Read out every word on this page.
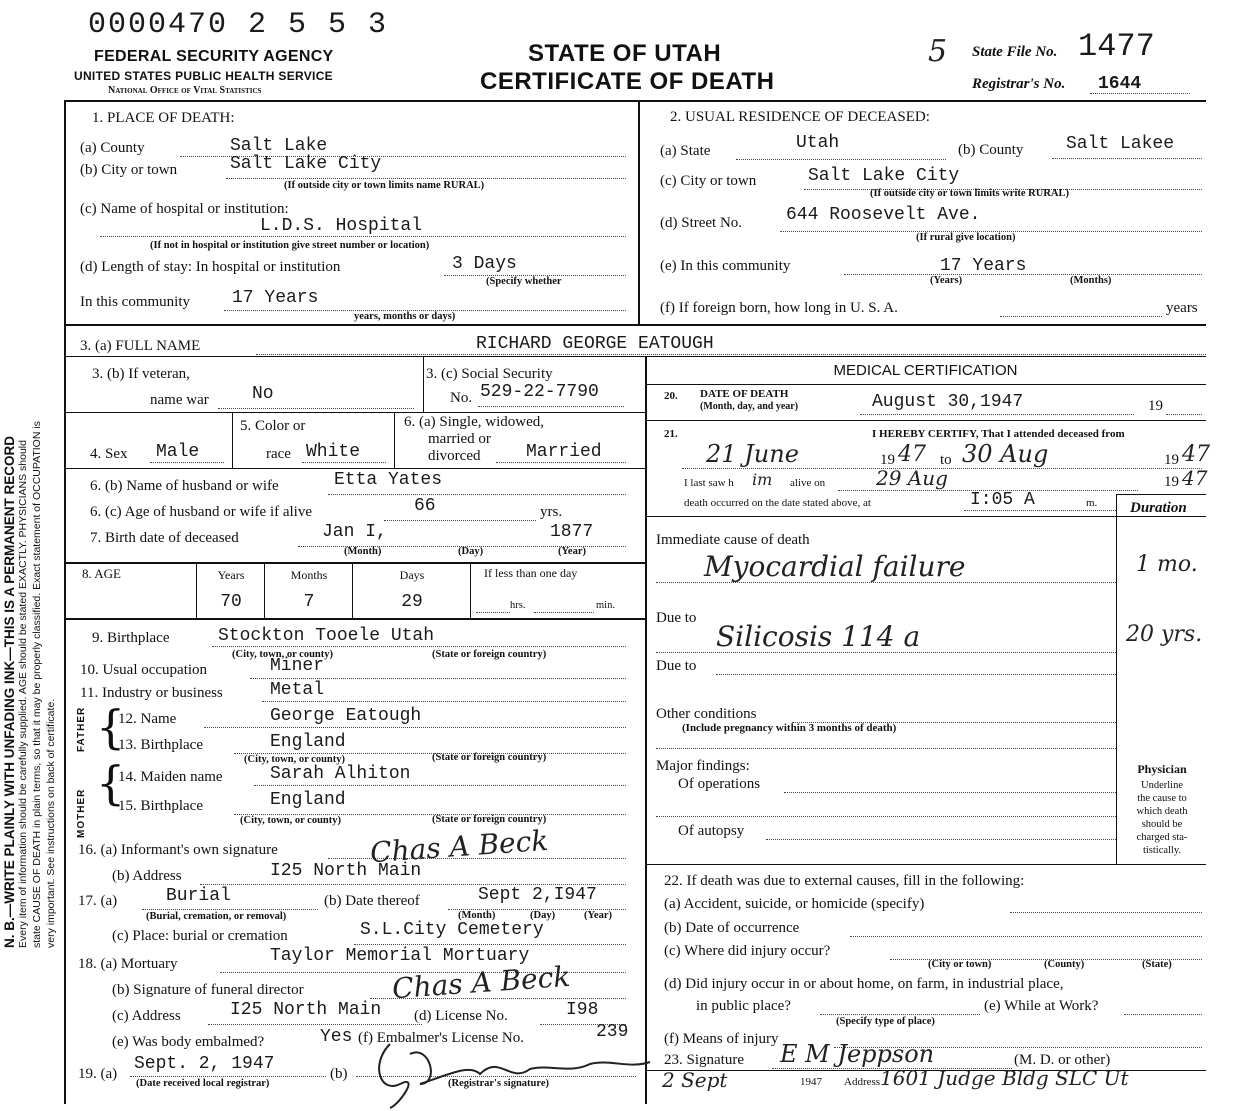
0000470 2 5 5 3
FEDERAL SECURITY AGENCY
UNITED STATES PUBLIC HEALTH SERVICE
National Office of Vital Statistics
STATE OF UTAH
CERTIFICATE OF DEATH
5 State File No. 1477
Registrar's No. 1644
N. B.—WRITE PLAINLY WITH UNFADING INK—THIS IS A PERMANENT RECORD Every item of information should be carefully supplied. AGE should be stated EXACTLY. PHYSICIANS should state CAUSE OF DEATH in plain terms, so that it may be properly classified. Exact statement of OCCUPATION is very important. See instructions on back of certificate.
1. PLACE OF DEATH:
(a) County	Salt Lake
(b) City or town	Salt Lake City
(If outside city or town limits name RURAL)
(c) Name of hospital or institution:
L.D.S. Hospital
(If not in hospital or institution give street number or location)
(d) Length of stay: In hospital or institution	3 Days
(Specify whether
In this community 17 Years
years, months or days)
2. USUAL RESIDENCE OF DECEASED:
(a) State	Utah	(b) County Salt Lakee
(c) City or town	Salt Lake City
(If outside city or town limits write RURAL)
(d) Street No. 644 Roosevelt Ave.
(If rural give location)
(e) In this community	17 Years
(Years)	(Months)
(f) If foreign born, how long in U. S. A.	years
3. (a) FULL NAME	RICHARD GEORGE EATOUGH
3. (b) If veteran,
name war No
3. (c) Social Security
No. 529-22-7790
4. Sex Male
5. Color or
race White
6. (a) Single, widowed,
married or
divorced	Married
6. (b) Name of husband or wife	Etta Yates
6. (c) Age of husband or wife if alive	66	yrs.
7. Birth date of deceased	Jan I,	1877
(Month)	(Day)	(Year)
8. AGE	Years	Months	Days	If less than one day
70	7	29	hrs.	min.
9. Birthplace	Stockton Tooele Utah
(City, town, or county)	(State or foreign country)
10. Usual occupation	Miner
11. Industry or business	Metal
FATHER
MOTHER
{
{
12. Name	George Eatough
13. Birthplace	England
(City, town, or county)	(State or foreign country)
14. Maiden name	Sarah Alhiton
15. Birthplace	England
(City, town, or county)	(State or foreign country)
16. (a) Informant's own signature	Chas A Beck
(b) Address	I25 North Main
17. (a)	Burial
(Burial, cremation, or removal)
(b) Date thereof	Sept 2,I947
(Month)	(Day)	(Year)
(c) Place: burial or cremation	S.L.City Cemetery
18. (a) Mortuary	Taylor Memorial Mortuary
(b) Signature of funeral director	Chas A Beck
(c) Address	I25 North Main (d) License No.	I98
(e) Was body embalmed?	Yes (f) Embalmer's License No.	239
19. (a) Sept. 2, 1947
(Date received local registrar)
(b)
(Registrar's signature)
MEDICAL CERTIFICATION
20. DATE OF DEATH
(Month, day, and year)	August 30,1947	19
21.	I HEREBY CERTIFY, That I attended deceased from
21 June	19 47 to 30 Aug	19 47
I last saw h im alive on	29 Aug	19 47
death occurred on the date stated above, at	I:05 A	m. Duration
Immediate cause of death
Myocardial failure	1 mo.
Due to
Silicosis 114 a	20 yrs.
Due to
Other conditions
(Include pregnancy within 3 months of death)
Major findings:
Of operations
Of autopsy
Physician
Underline
the cause to
which death
should be
charged sta-
tistically.
22. If death was due to external causes, fill in the following:
(a) Accident, suicide, or homicide (specify)
(b) Date of occurrence
(c) Where did injury occur?
(City or town)	(County)	(State)
(d) Did injury occur in or about home, on farm, in industrial place,
in public place?
(Specify type of place)
(e) While at Work?
(f) Means of injury
23. Signature E M Jeppson	(M. D. or other)
2 Sept	1947 Address 1601 Judge Bldg SLC Ut
